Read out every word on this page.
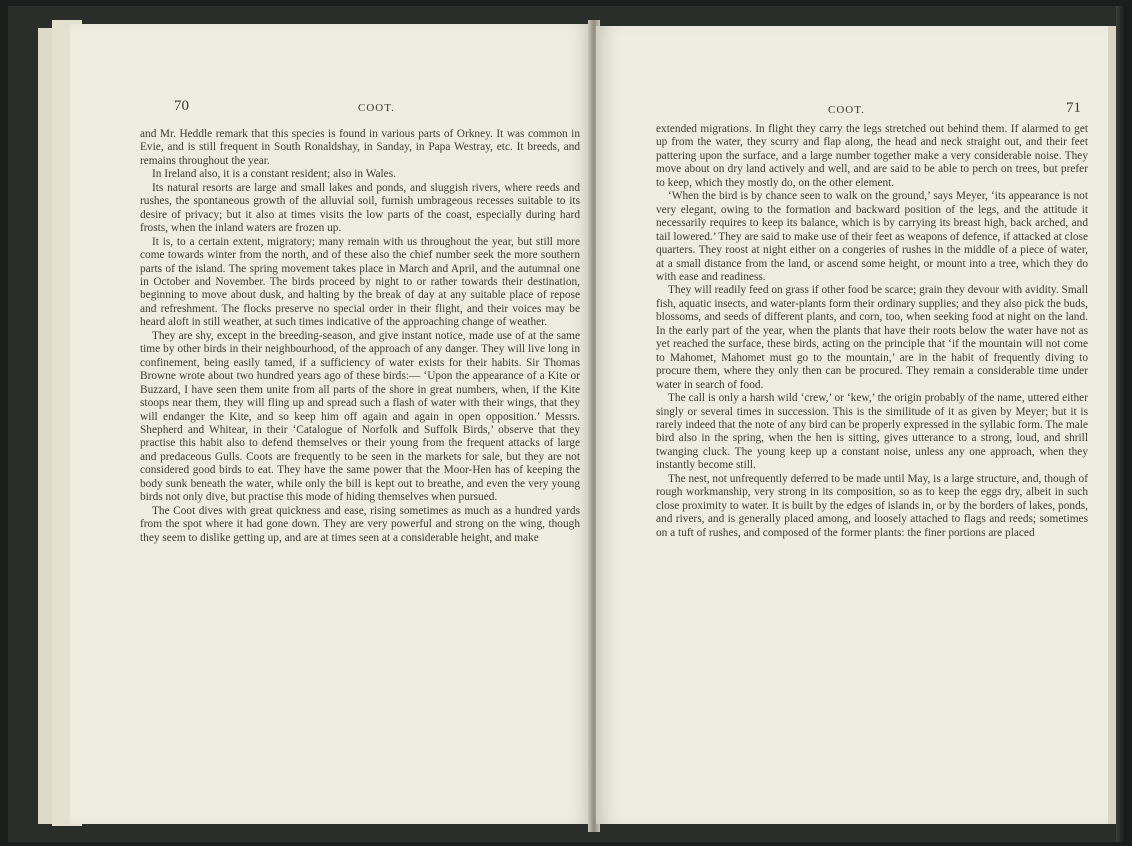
70	COOT.

and Mr. Heddle remark that this species is found in various parts of Orkney. It was common in Evie, and is still frequent in South Ronaldshay, in Sanday, in Papa Westray, etc. It breeds, and remains throughout the year.

In Ireland also, it is a constant resident; also in Wales.

Its natural resorts are large and small lakes and ponds, and sluggish rivers, where reeds and rushes, the spontaneous growth of the alluvial soil, furnish umbrageous recesses suitable to its desire of privacy; but it also at times visits the low parts of the coast, especially during hard frosts, when the inland waters are frozen up.

It is, to a certain extent, migratory; many remain with us throughout the year, but still more come towards winter from the north, and of these also the chief number seek the more southern parts of the island. The spring movement takes place in March and April, and the autumnal one in October and November. The birds proceed by night to or rather towards their destination, beginning to move about dusk, and halting by the break of day at any suitable place of repose and refreshment. The flocks preserve no special order in their flight, and their voices may be heard aloft in still weather, at such times indicative of the approaching change of weather.

They are shy, except in the breeding-season, and give instant notice, made use of at the same time by other birds in their neighbourhood, of the approach of any danger. They will live long in confinement, being easily tamed, if a sufficiency of water exists for their habits. Sir Thomas Browne wrote about two hundred years ago of these birds:— ‘Upon the appearance of a Kite or Buzzard, I have seen them unite from all parts of the shore in great numbers, when, if the Kite stoops near them, they will fling up and spread such a flash of water with their wings, that they will endanger the Kite, and so keep him off again and again in open opposition.’ Messrs. Shepherd and Whitear, in their ‘Catalogue of Norfolk and Suffolk Birds,’ observe that they practise this habit also to defend themselves or their young from the frequent attacks of large and predaceous Gulls. Coots are frequently to be seen in the markets for sale, but they are not considered good birds to eat. They have the same power that the Moor-Hen has of keeping the body sunk beneath the water, while only the bill is kept out to breathe, and even the very young birds not only dive, but practise this mode of hiding themselves when pursued.

The Coot dives with great quickness and ease, rising sometimes as much as a hundred yards from the spot where it had gone down. They are very powerful and strong on the wing, though they seem to dislike getting up, and are at times seen at a considerable height, and make

COOT.	71

extended migrations. In flight they carry the legs stretched out behind them. If alarmed to get up from the water, they scurry and flap along, the head and neck straight out, and their feet pattering upon the surface, and a large number together make a very considerable noise. They move about on dry land actively and well, and are said to be able to perch on trees, but prefer to keep, which they mostly do, on the other element.

‘When the bird is by chance seen to walk on the ground,’ says Meyer, ‘its appearance is not very elegant, owing to the formation and backward position of the legs, and the attitude it necessarily requires to keep its balance, which is by carrying its breast high, back arched, and tail lowered.’ They are said to make use of their feet as weapons of defence, if attacked at close quarters. They roost at night either on a congeries of rushes in the middle of a piece of water, at a small distance from the land, or ascend some height, or mount into a tree, which they do with ease and readiness.

They will readily feed on grass if other food be scarce; grain they devour with avidity. Small fish, aquatic insects, and water-plants form their ordinary supplies; and they also pick the buds, blossoms, and seeds of different plants, and corn, too, when seeking food at night on the land. In the early part of the year, when the plants that have their roots below the water have not as yet reached the surface, these birds, acting on the principle that ‘if the mountain will not come to Mahomet, Mahomet must go to the mountain,’ are in the habit of frequently diving to procure them, where they only then can be procured. They remain a considerable time under water in search of food.

The call is only a harsh wild ‘crew,’ or ‘kew,’ the origin probably of the name, uttered either singly or several times in succession. This is the similitude of it as given by Meyer; but it is rarely indeed that the note of any bird can be properly expressed in the syllabic form. The male bird also in the spring, when the hen is sitting, gives utterance to a strong, loud, and shrill twanging cluck. The young keep up a constant noise, unless any one approach, when they instantly become still.

The nest, not unfrequently deferred to be made until May, is a large structure, and, though of rough workmanship, very strong in its composition, so as to keep the eggs dry, albeit in such close proximity to water. It is built by the edges of islands in, or by the borders of lakes, ponds, and rivers, and is generally placed among, and loosely attached to flags and reeds; sometimes on a tuft of rushes, and composed of the former plants: the finer portions are placed
